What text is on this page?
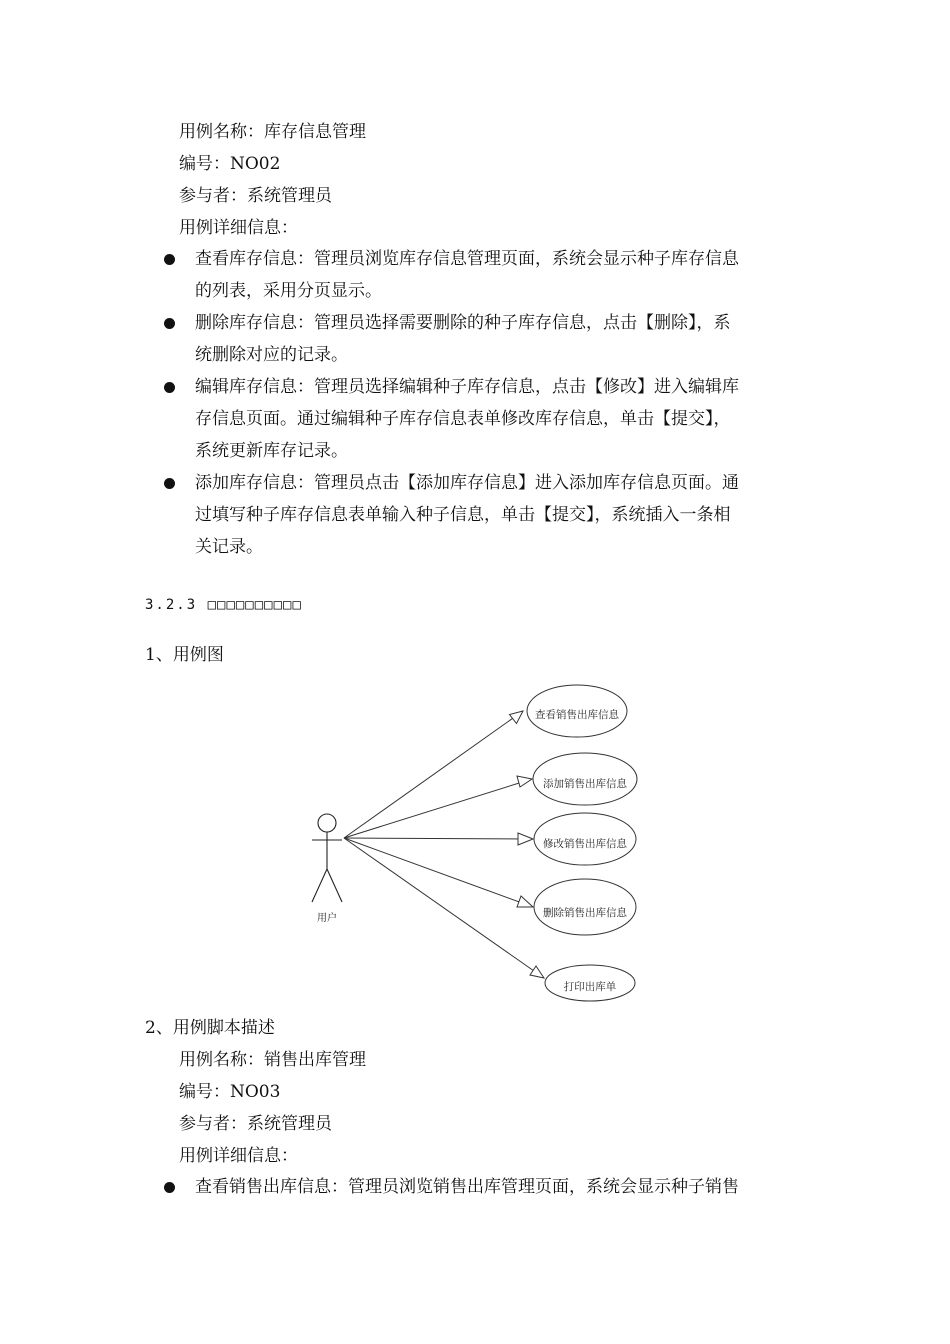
用例名称：库存信息管理
编号：NO02
参与者：系统管理员
用例详细信息：
查看库存信息：管理员浏览库存信息管理页面，系统会显示种子库存信息
的列表，采用分页显示。
删除库存信息：管理员选择需要删除的种子库存信息，点击【删除】，系
统删除对应的记录。
编辑库存信息：管理员选择编辑种子库存信息，点击【修改】进入编辑库
存信息页面。通过编辑种子库存信息表单修改库存信息，单击【提交】，
系统更新库存记录。
添加库存信息：管理员点击【添加库存信息】进入添加库存信息页面。通
过填写种子库存信息表单输入种子信息，单击【提交】，系统插入一条相
关记录。
3.2.3 □□□□□□□□□□
1、用例图
用户
查看销售出库信息
添加销售出库信息
修改销售出库信息
删除销售出库信息
打印出库单
2、用例脚本描述
用例名称：销售出库管理
编号：NO03
参与者：系统管理员
用例详细信息：
查看销售出库信息：管理员浏览销售出库管理页面，系统会显示种子销售
